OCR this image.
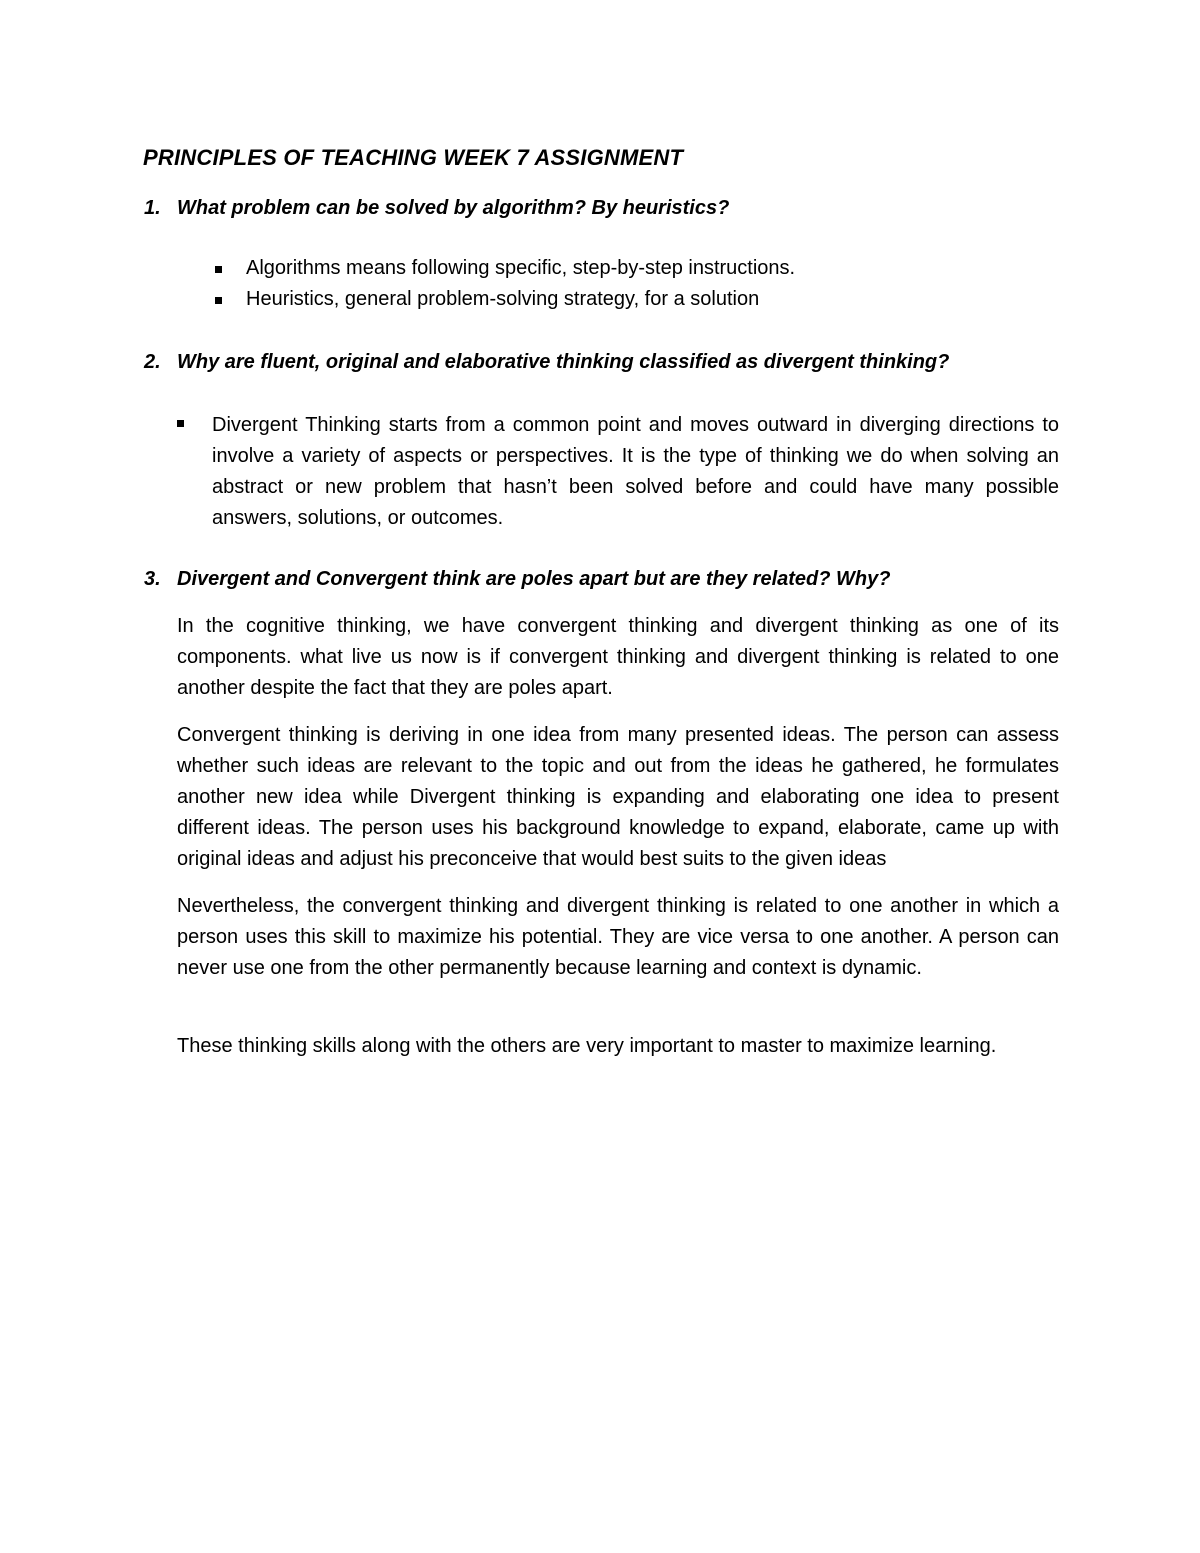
PRINCIPLES OF TEACHING WEEK 7 ASSIGNMENT
1. What problem can be solved by algorithm? By heuristics?
Algorithms means following specific, step-by-step instructions.
Heuristics, general problem-solving strategy, for a solution
2. Why are fluent, original and elaborative thinking classified as divergent thinking?
Divergent Thinking starts from a common point and moves outward in diverging directions to involve a variety of aspects or perspectives. It is the type of thinking we do when solving an abstract or new problem that hasn’t been solved before and could have many possible answers, solutions, or outcomes.
3. Divergent and Convergent think are poles apart but are they related? Why?
In the cognitive thinking, we have convergent thinking and divergent thinking as one of its components. what live us now is if convergent thinking and divergent thinking is related to one another despite the fact that they are poles apart.
Convergent thinking is deriving in one idea from many presented ideas. The person can assess whether such ideas are relevant to the topic and out from the ideas he gathered, he formulates another new idea while Divergent thinking is expanding and elaborating one idea to present different ideas. The person uses his background knowledge to expand, elaborate, came up with original ideas and adjust his preconceive that would best suits to the given ideas
Nevertheless, the convergent thinking and divergent thinking is related to one another in which a person uses this skill to maximize his potential. They are vice versa to one another. A person can never use one from the other permanently because learning and context is dynamic.
These thinking skills along with the others are very important to master to maximize learning.
